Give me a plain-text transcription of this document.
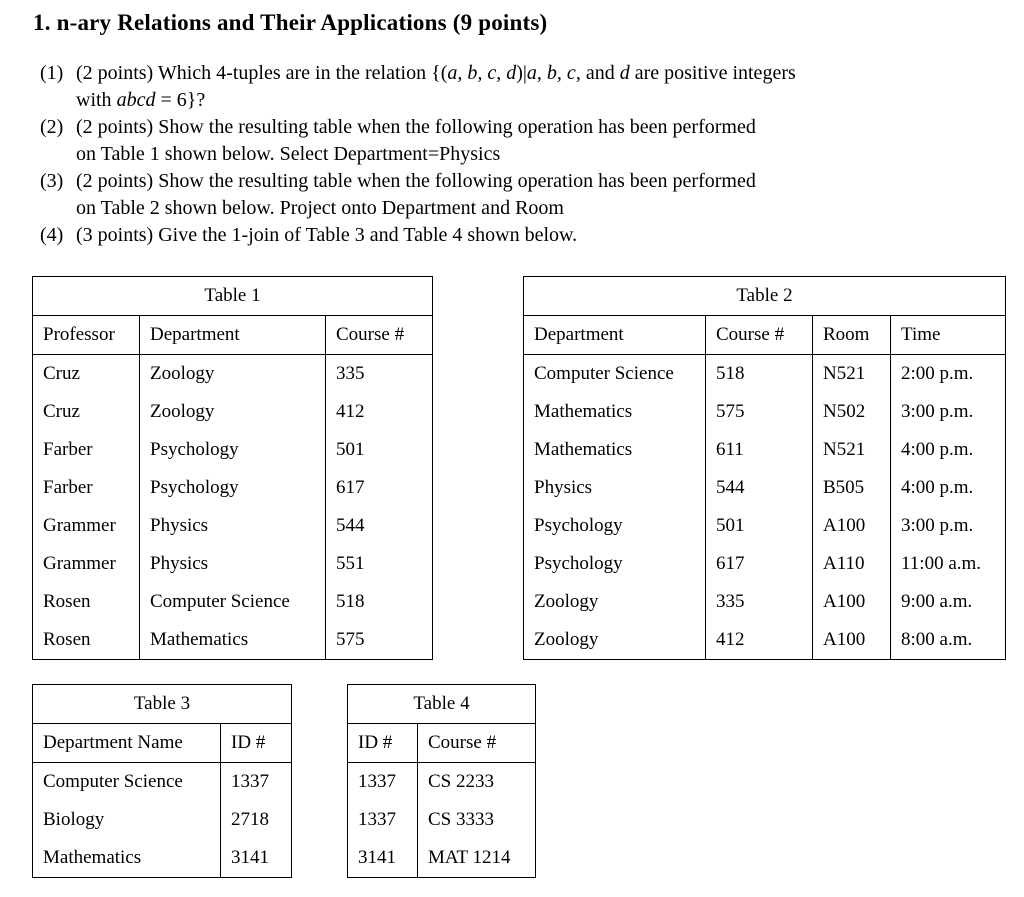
1. n-ary Relations and Their Applications (9 points)
(1) (2 points) Which 4-tuples are in the relation {(a, b, c, d)|a, b, c, and d are positive integers
with abcd = 6}?
(2) (2 points) Show the resulting table when the following operation has been performed
on Table 1 shown below. Select Department=Physics
(3) (2 points) Show the resulting table when the following operation has been performed
on Table 2 shown below. Project onto Department and Room
(4) (3 points) Give the 1-join of Table 3 and Table 4 shown below.
Table 1		
Professor	Department	Course #
Cruz	Zoology	335
Cruz	Zoology	412
Farber	Psychology	501
Farber	Psychology	617
Grammer	Physics	544
Grammer	Physics	551
Rosen	Computer Science	518
Rosen	Mathematics	575
Table 2			
Department	Course #	Room	Time
Computer Science	518	N521	2:00 p.m.
Mathematics	575	N502	3:00 p.m.
Mathematics	611	N521	4:00 p.m.
Physics	544	B505	4:00 p.m.
Psychology	501	A100	3:00 p.m.
Psychology	617	A110	11:00 a.m.
Zoology	335	A100	9:00 a.m.
Zoology	412	A100	8:00 a.m.
Table 3	
Department Name	ID #
Computer Science	1337
Biology	2718
Mathematics	3141
Table 4	
ID #	Course #
1337	CS 2233
1337	CS 3333
3141	MAT 1214
